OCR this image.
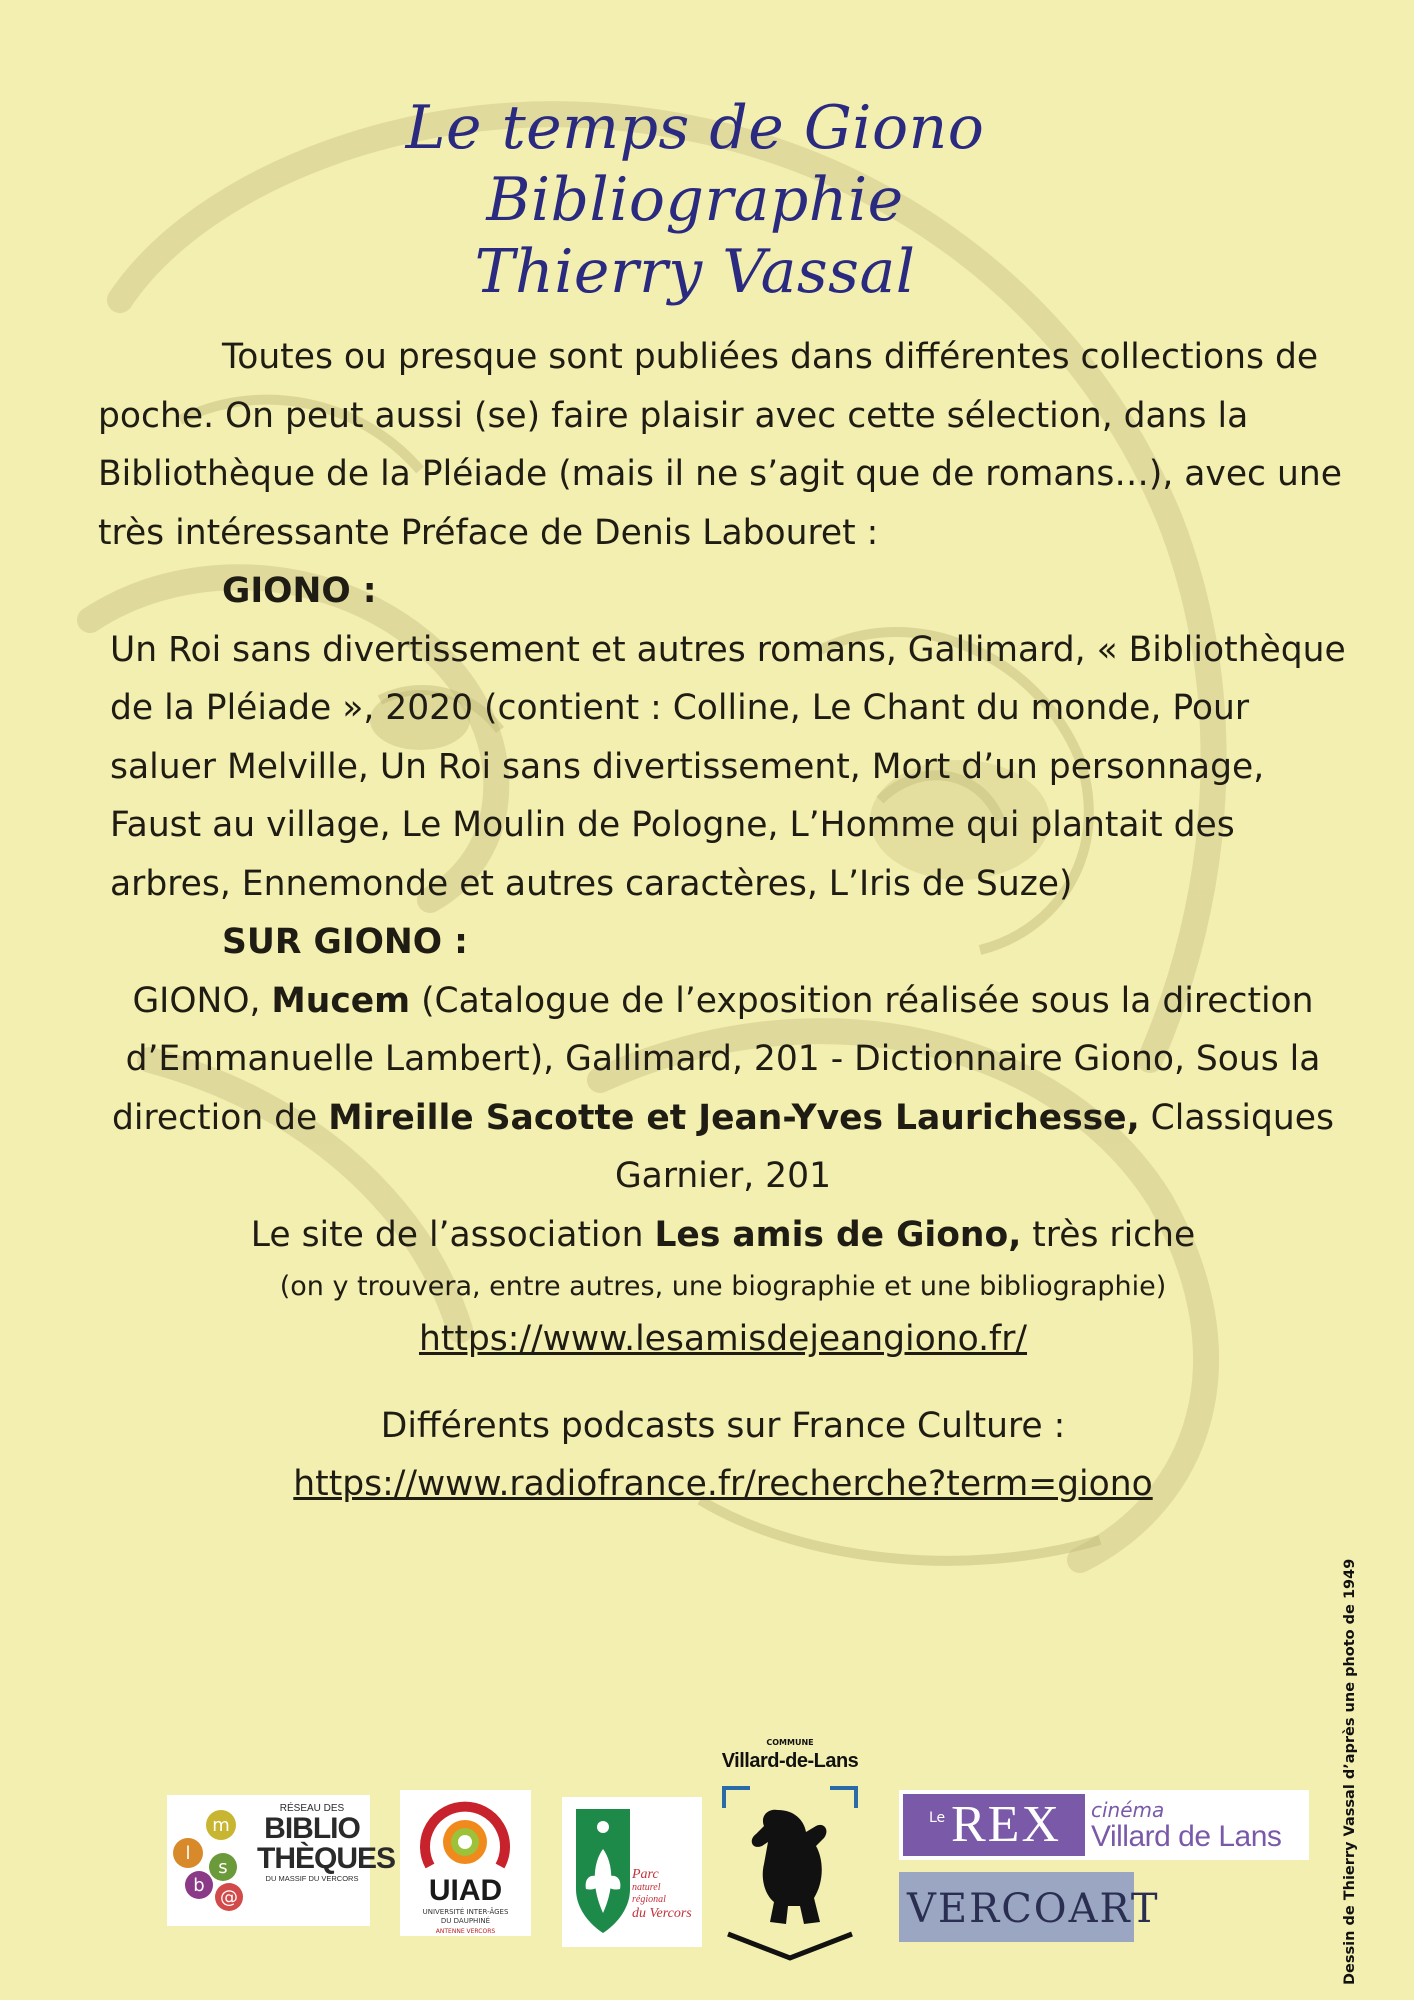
Le temps de Giono
Bibliographie
Thierry Vassal

Toutes ou presque sont publiées dans différentes collections de poche. On peut aussi (se) faire plaisir avec cette sélection, dans la Bibliothèque de la Pléiade (mais il ne s’agit que de romans…), avec une très intéressante Préface de Denis Labouret :

GIONO :

Un Roi sans divertissement et autres romans, Gallimard, « Bibliothèque de la Pléiade », 2020 (contient : Colline, Le Chant du monde, Pour saluer Melville, Un Roi sans divertissement, Mort d’un personnage, Faust au village, Le Moulin de Pologne, L’Homme qui plantait des arbres, Ennemonde et autres caractères, L’Iris de Suze)

SUR GIONO :

GIONO, Mucem (Catalogue de l’exposition réalisée sous la direction d’Emmanuelle Lambert), Gallimard, 201 - Dictionnaire Giono, Sous la direction de Mireille Sacotte et Jean-Yves Laurichesse, Classiques Garnier, 201

Le site de l’association Les amis de Giono, très riche

(on y trouvera, entre autres, une biographie et une bibliographie)

https://www.lesamisdejeangiono.fr/

Différents podcasts sur France Culture :

https://www.radiofrance.fr/recherche?term=giono

Dessin de Thierry Vassal d’après une photo de 1949
m
l
s
b
@
RÉSEAU DES
BIBLIO
THÈQUES
DU MASSIF DU VERCORS	UIAD
UNIVERSITÉ INTER-ÂGES
DU DAUPHINÉ
ANTENNE VERCORS
Parc
naturel
régional
du Vercors
COMMUNE
Villard-de-Lans
Le REX cinéma
Villard de Lans
VERCOART
